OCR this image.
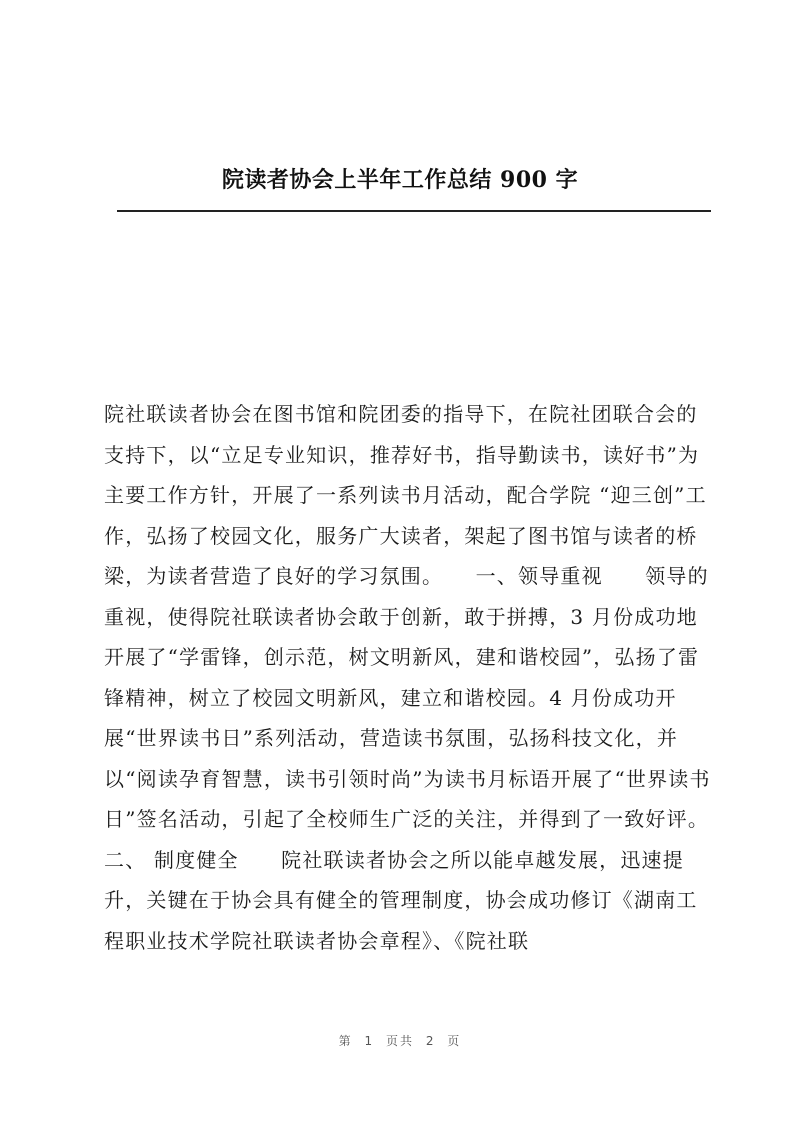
院读者协会上半年工作总结 900 字

院社联读者协会在图书馆和院团委的指导下，在院社团联合会的支持下，以“立足专业知识，推荐好书，指导勤读书，读好书”为主要工作方针，开展了一系列读书月活动，配合学院 “迎三创”工作，弘扬了校园文化，服务广大读者，架起了图书馆与读者的桥梁，为读者营造了良好的学习氛围。　　一、领导重视　　领导的重视，使得院社联读者协会敢于创新，敢于拼搏，3 月份成功地开展了“学雷锋，创示范，树文明新风，建和谐校园”，弘扬了雷锋精神，树立了校园文明新风，建立和谐校园。4 月份成功开展“世界读书日”系列活动，营造读书氛围，弘扬科技文化，并以“阅读孕育智慧，读书引领时尚”为读书月标语开展了“世界读书日”签名活动，引起了全校师生广泛的关注，并得到了一致好评。　　二、 制度健全　　院社联读者协会之所以能卓越发展，迅速提升，关键在于协会具有健全的管理制度，协会成功修订《湖南工程职业技术学院社联读者协会章程》、《院社联

第 1 页共 2 页
